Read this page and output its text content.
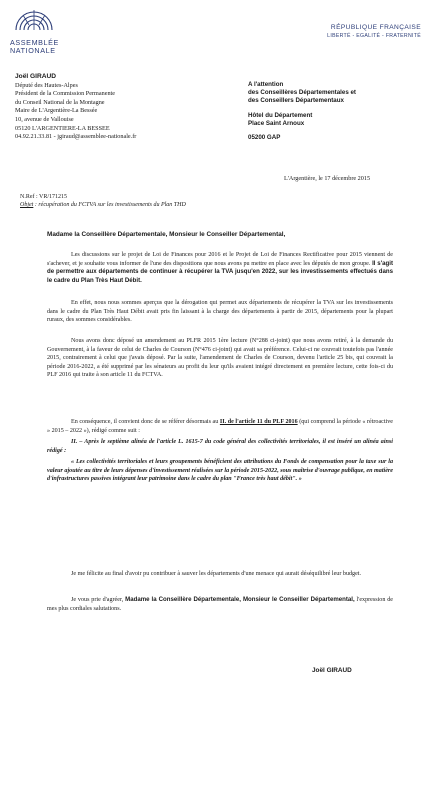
ASSEMBLÉE
NATIONALE
RÉPUBLIQUE FRANÇAISE
LIBERTÉ - EGALITÉ - FRATERNITÉ
Joël GIRAUD
Député des Hautes-Alpes
Président de la Commission Permanente
du Conseil National de la Montagne
Maire de L'Argentière-La Bessée
10, avenue de Vallouise
05120 L'ARGENTIERE-LA BESSEE
04.92.21.33.81 - jgiraud@assemblee-nationale.fr
A l'attention
des Conseillères Départementales et
des Conseillers Départementaux
Hôtel du Département
Place Saint Arnoux
05200 GAP
L'Argentière, le 17 décembre 2015
N.Ref : VR/171215
Objet : récupération du FCTVA sur les investissements du Plan THD
Madame la Conseillère Départementale, Monsieur le Conseiller Départemental,
Les discussions sur le projet de Loi de Finances pour 2016 et le Projet de Loi de Finances Rectificative pour 2015 viennent de s'achever, et je souhaite vous informer de l'une des dispositions que nous avons pu mettre en place avec les députés de mon groupe. Il s'agit de permettre aux départements de continuer à récupérer la TVA jusqu'en 2022, sur les investissements effectués dans le cadre du Plan Très Haut Débit.
En effet, nous nous sommes aperçus que la dérogation qui permet aux départements de récupérer la TVA sur les investissements dans le cadre du Plan Très Haut Débit avait pris fin laissant à la charge des départements à partir de 2015, départements pour la plupart ruraux, des sommes considérables.
Nous avons donc déposé un amendement au PLFR 2015 1ère lecture (N°288 ci-joint) que nous avons retiré, à la demande du Gouvernement, à la faveur de celui de Charles de Courson (N°476 ci-joint) qui avait sa préférence. Celui-ci ne couvrait toutefois pas l'année 2015, contrairement à celui que j'avais déposé. Par la suite, l'amendement de Charles de Courson, devenu l'article 25 bis, qui couvrait la période 2016-2022, a été supprimé par les sénateurs au profit du leur qu'ils avaient intégré directement en première lecture, cette fois-ci du PLF 2016 qui traite à son article 11 du FCTVA.
En conséquence, il convient donc de se référer désormais au II. de l'article 11 du PLF 2016 (qui comprend la période « rétroactive » 2015 – 2022 »), rédigé comme suit :
II. – Après le septième alinéa de l'article L. 1615-7 du code général des collectivités territoriales, il est inséré un alinéa ainsi rédigé :
« Les collectivités territoriales et leurs groupements bénéficient des attributions du Fonds de compensation pour la taxe sur la valeur ajoutée au titre de leurs dépenses d'investissement réalisées sur la période 2015-2022, sous maîtrise d'ouvrage publique, en matière d'infrastructures passives intégrant leur patrimoine dans le cadre du plan "France très haut débit". »
Je me félicite au final d'avoir pu contribuer à sauver les départements d'une menace qui aurait déséquilibré leur budget.
Je vous prie d'agréer, Madame la Conseillère Départementale, Monsieur le Conseiller Départemental, l'expression de mes plus cordiales salutations.
Joël GIRAUD
